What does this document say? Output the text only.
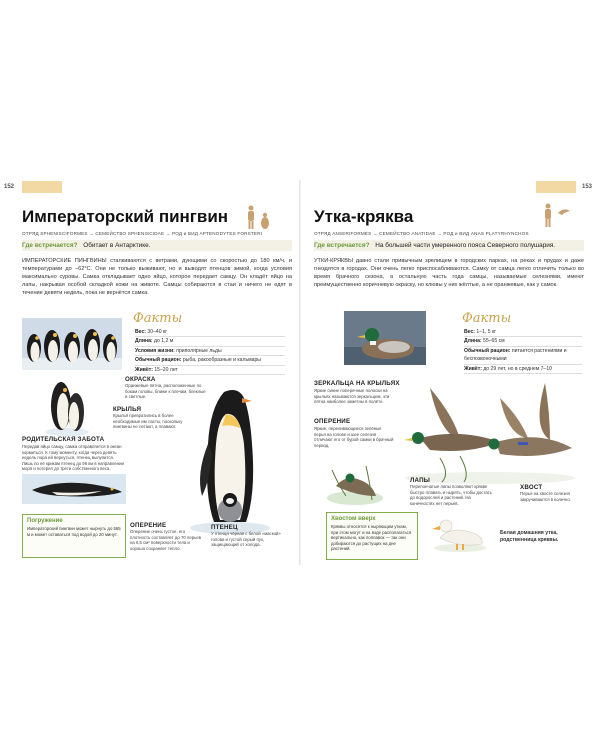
152
Императорский пингвин
ОТРЯД SPHENISCIFORMES → СЕМЕЙСТВО SPHENISCIDAE → РОД и ВИД APTENODYTES FORSTERI
Где встречается? Обитает в Антарктике.
ИМПЕРАТОРСКИЕ ПИНГВИНЫ сталкиваются с ветрами, дующими со скоростью до 180 км/ч, и температурами до −62°C. Они не только выживают, но и выводят птенцов зимой, когда условия максимально суровы. Самка откладывает одно яйцо, которое передает самцу. Он кладёт яйцо на лапы, накрывая особой складкой кожи на животе. Самцы собираются в стаи и ничего не едят в течение девяти недель, пока не вернётся самка.
Факты
Вес: 30–40 кг
Длина: до 1,2 м
Условия жизни: приполярные льды
Обычный рацион: рыба, ракообразные и кальмары
Живёт: 15–20 лет
ОКРАСКА
Оранжевые пятна, расположенные по бокам головы, ближе к плечам, блеклые и светлые.
КРЫЛЬЯ
Крылья превратились в более необходимые им ласты, поскольку пингвины не летают, а плавают.
РОДИТЕЛЬСКАЯ ЗАБОТА
Передав яйцо самцу, самка отправляется в океан кормиться. К тому моменту, когда через девять недель пора ей вернуться, птенец вылупится. Лишь по её крикам птенец до 96 км в направлении моря и потерял до трети собственного веса.
Погружение
Императорский пингвин может нырнуть до 565 м и может оставаться под водой до 20 минут.
ОПЕРЕНИЕ
Оперение очень густое, его плотность составляет до 70 перьев на 6,5 см² поверхности тела и хорошо сохраняет тепло.
ПТЕНЕЦ
У птенца чёрная с белой «маской» голова и густой серый пух, защищающий от холода.
153
Утка-кряква
ОТРЯД ANSERIFORMES → СЕМЕЙСТВО ANATIDAE → РОД и ВИД ANAS PLATYRHYNCHOS
Где встречается? На большей части умеренного пояса Северного полушария.
УТКИ-КРЯКВЫ давно стали привычным зрелищем в городских парках, на реках и прудах и даже гнездятся в городах. Они очень легко приспосабливаются. Самку от самца легко отличить только во время брачного сезона, а остальную часть года самцы, называемые селезнями, имеют преимущественно коричневую окраску, но клювы у них жёлтые, а не оранжевые, как у самок.
Факты
Вес: 1–1, 5 кг
Длина: 55–65 см
Обычный рацион: питается растениями и беспозвоночными
Живёт: до 29 лет, но в среднем 7–10
ЗЕРКАЛЬЦА НА КРЫЛЬЯХ
Яркие синие поперечные полоски на крыльях называются зеркальцем, эти пятна наиболее заметны в полёте.
ОПЕРЕНИЕ
Яркие, переливающиеся зелёные перья на голове и шее селезня отличают его от бурой самки в брачный период.
ЛАПЫ
Перепончатые лапы позволяют кряквe быстро плавать и нырять, чтобы достать до водорослей и растений. На конечностях нет перьев.
ХВОСТ
Перья на хвосте селезня закручиваются в колечко.
Хвостом вверх
Кряквы относятся к ныряющим уткам, при этом могут и на воде располагаться вертикально, как поплавок — так они добираются до растущих на дне растений.
Белая домашняя утка, родственница кряквы.
